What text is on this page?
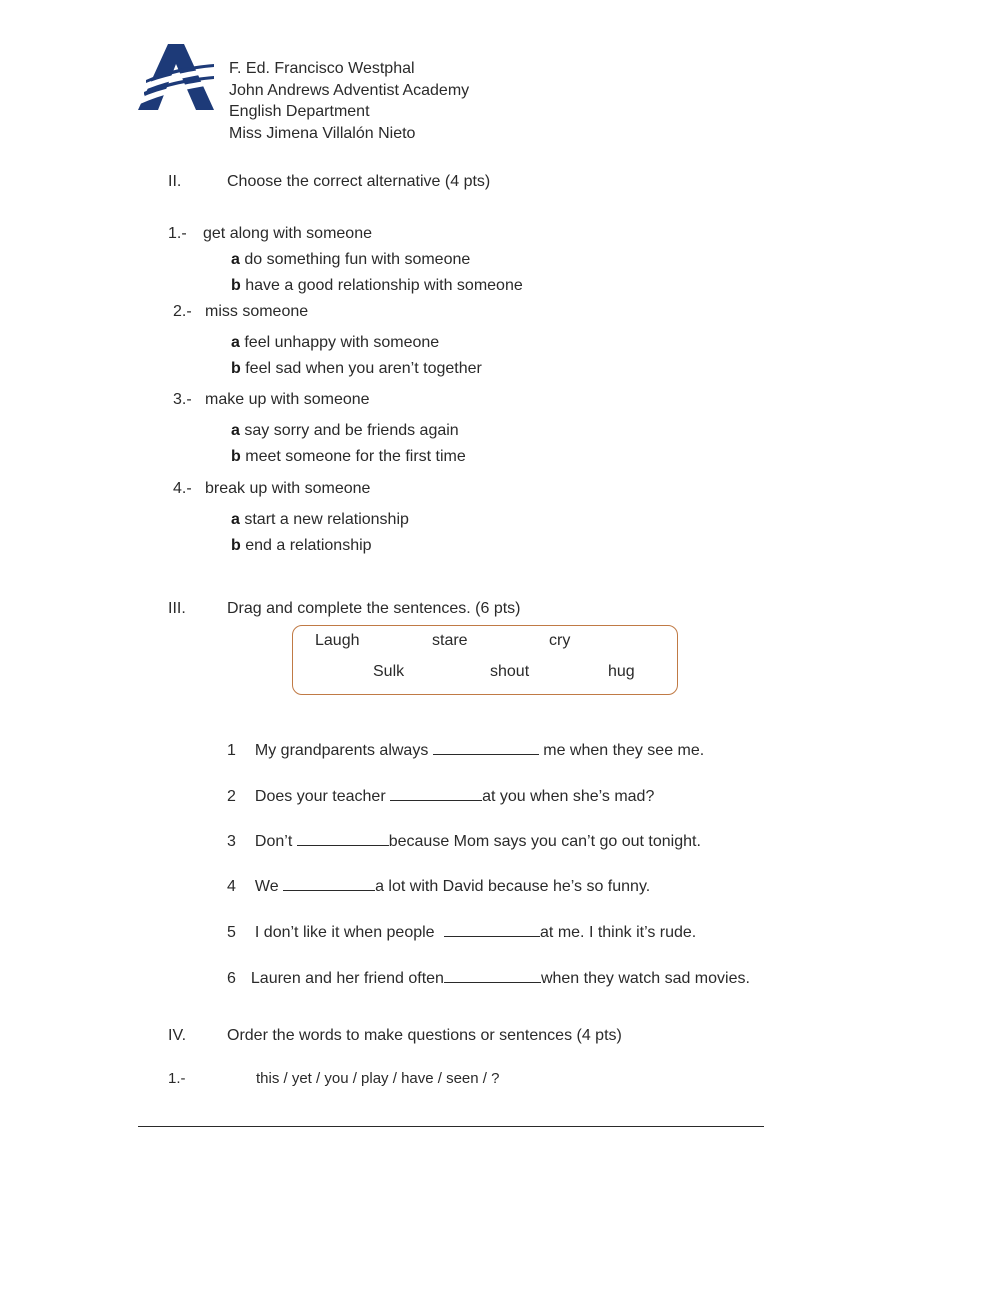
F. Ed. Francisco Westphal
John Andrews Adventist Academy
English Department
Miss Jimena Villalón Nieto
II.	Choose the correct alternative (4 pts)
1.- get along with someone
a do something fun with someone
b have a good relationship with someone
2.- miss someone
a feel unhappy with someone
b feel sad when you aren’t together
3.- make up with someone
a say sorry and be friends again
b meet someone for the first time
4.- break up with someone
a start a new relationship
b end a relationship
III.	Drag and complete the sentences. (6 pts)
Laugh	stare	cry
Sulk	shout	hug
1 My grandparents always	me when they see me.
2 Does your teacher	at you when she’s mad?
3 Don’t	because Mom says you can’t go out tonight.
4 We	a lot with David because he’s so funny.
5 I don’t like it when people	at me. I think it’s rude.
6 Lauren and her friend often	when they watch sad movies.
IV.	Order the words to make questions or sentences (4 pts)
1.-	this / yet / you / play / have / seen / ?
